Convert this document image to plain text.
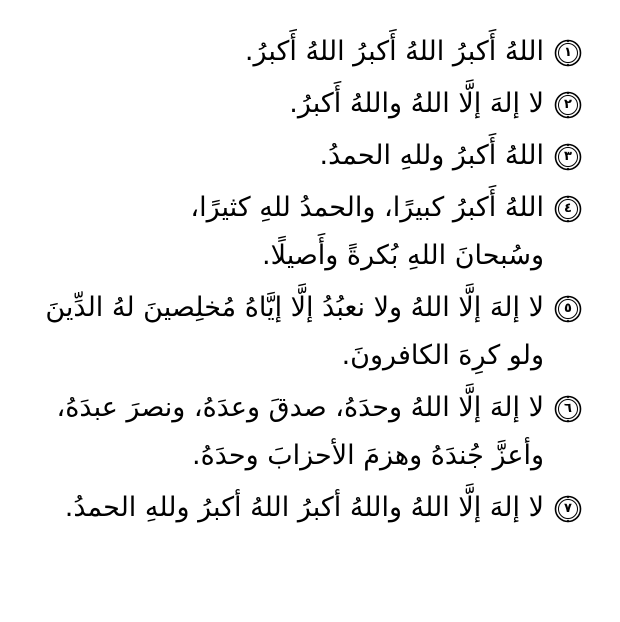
١
اللهُ أَكبرُ اللهُ أَكبرُ اللهُ أَكبرُ.
٢
لا إلهَ إلَّا اللهُ واللهُ أَكبرُ.
٣
اللهُ أَكبرُ وللهِ الحمدُ.
٤
اللهُ أَكبرُ كبيرًا، والحمدُ للهِ كثيرًا،
وسُبحانَ اللهِ بُكرةً وأَصيلًا.
٥
لا إلهَ إلَّا اللهُ ولا نعبُدُ إلَّا إيَّاهُ مُخلِصينَ لهُ الدِّينَ
ولو كرِهَ الكافرونَ.
٦
لا إلهَ إلَّا اللهُ وحدَهُ، صدقَ وعدَهُ، ونصرَ عبدَهُ،
وأعزَّ جُندَهُ وهزمَ الأحزابَ وحدَهُ.
٧
لا إلهَ إلَّا اللهُ واللهُ أكبرُ اللهُ أكبرُ وللهِ الحمدُ.
